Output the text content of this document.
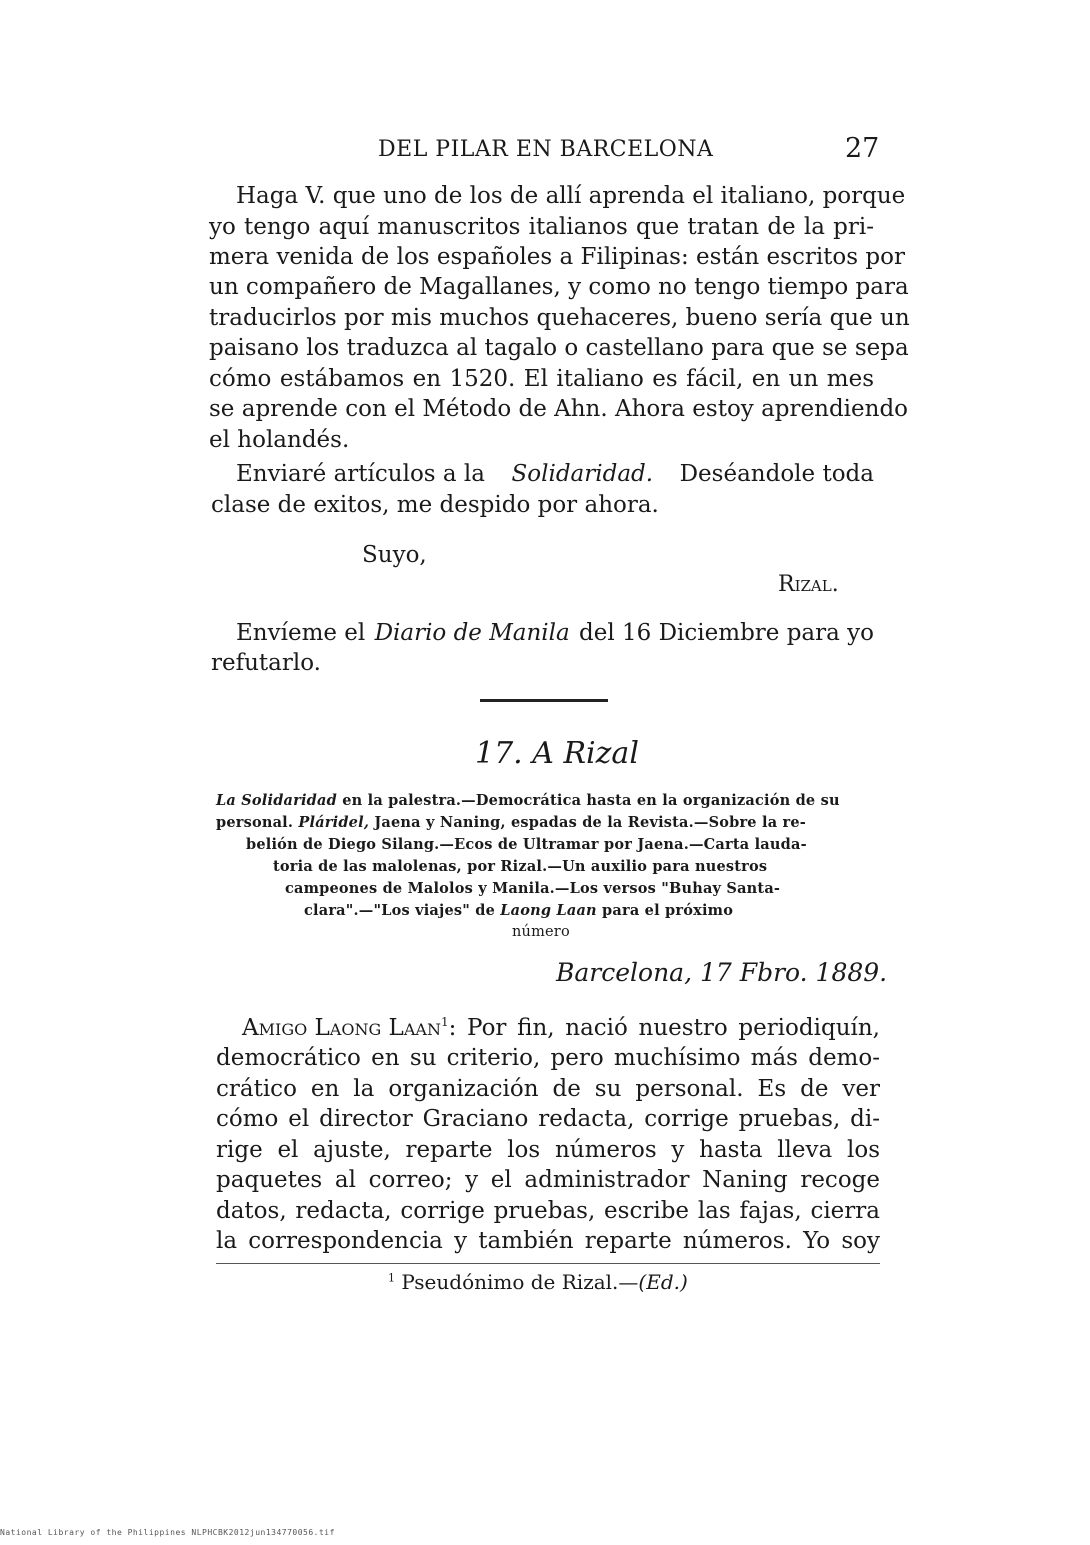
DEL PILAR EN BARCELONA	27
Haga V. que uno de los de allí aprenda el italiano, porque
yo tengo aquí manuscritos italianos que tratan de la pri-
mera venida de los españoles a Filipinas: están escritos por
un compañero de Magallanes, y como no tengo tiempo para
traducirlos por mis muchos quehaceres, bueno sería que un
paisano los traduzca al tagalo o castellano para que se sepa
cómo estábamos en 1520. El italiano es fácil, en un mes
se aprende con el Método de Ahn. Ahora estoy aprendiendo
el holandés.
Enviaré artículos a la Solidaridad. Deséandole toda
clase de exitos, me despido por ahora.
Suyo,
Rizal.
Envíeme el Diario de Manila del 16 Diciembre para yo
refutarlo.
17. A Rizal
La Solidaridad en la palestra.—Democrática hasta en la organización de su
personal. Pláridel, Jaena y Naning, espadas de la Revista.—Sobre la re-
belión de Diego Silang.—Ecos de Ultramar por Jaena.—Carta lauda-
toria de las malolenas, por Rizal.—Un auxilio para nuestros
campeones de Malolos y Manila.—Los versos "Buhay Santa-
clara".—"Los viajes" de Laong Laan para el próximo
número
Barcelona, 17 Fbro. 1889.
Amigo Laong Laan 1 : Por fin, nació nuestro periodiquín,
democrático en su criterio, pero muchísimo más demo-
crático en la organización de su personal. Es de ver
cómo el director Graciano redacta, corrige pruebas, di-
rige el ajuste, reparte los números y hasta lleva los
paquetes al correo; y el administrador Naning recoge
datos, redacta, corrige pruebas, escribe las fajas, cierra
la correspondencia y también reparte números. Yo soy
$^1$ Pseudónimo de Rizal.—(Ed.)
National Library of the Philippines NLPHCBK2012jun134770056.tif
